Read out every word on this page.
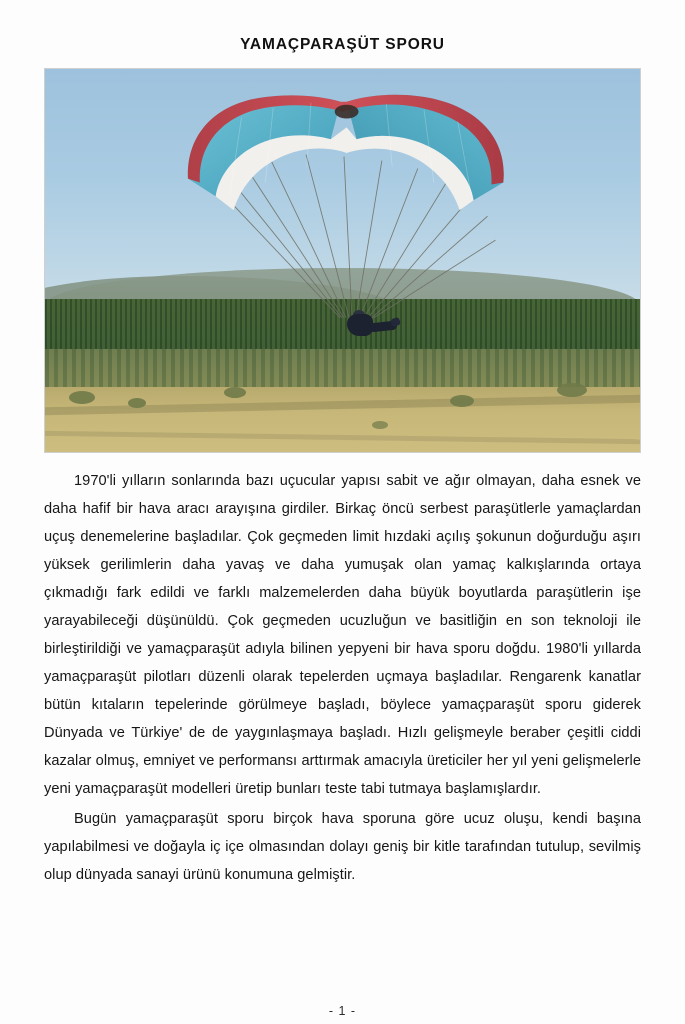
YAMAÇPARAŞÜT SPORU

1970'li yılların sonlarında bazı uçucular yapısı sabit ve ağır olmayan, daha esnek ve daha hafif bir hava aracı arayışına girdiler. Birkaç öncü serbest paraşütlerle yamaçlardan uçuş denemelerine başladılar. Çok geçmeden limit hızdaki açılış şokunun doğurduğu aşırı yüksek gerilimlerin daha yavaş ve daha yumuşak olan yamaç kalkışlarında ortaya çıkmadığı fark edildi ve farklı malzemelerden daha büyük boyutlarda paraşütlerin işe yarayabileceği düşünüldü. Çok geçmeden ucuzluğun ve basitliğin en son teknoloji ile birleştirildiği ve yamaçparaşüt adıyla bilinen yepyeni bir hava sporu doğdu. 1980'li yıllarda yamaçparaşüt pilotları düzenli olarak tepelerden uçmaya başladılar. Rengarenk kanatlar bütün kıtaların tepelerinde görülmeye başladı, böylece yamaçparaşüt sporu giderek Dünyada ve Türkiye' de de yaygınlaşmaya başladı. Hızlı gelişmeyle beraber çeşitli ciddi kazalar olmuş, emniyet ve performansı arttırmak amacıyla üreticiler her yıl yeni gelişmelerle yeni yamaçparaşüt modelleri üretip bunları teste tabi tutmaya başlamışlardır.

Bugün yamaçparaşüt sporu birçok hava sporuna göre ucuz oluşu, kendi başına yapılabilmesi ve doğayla iç içe olmasından dolayı geniş bir kitle tarafından tutulup, sevilmiş olup dünyada sanayi ürünü konumuna gelmiştir.

- 1 -
